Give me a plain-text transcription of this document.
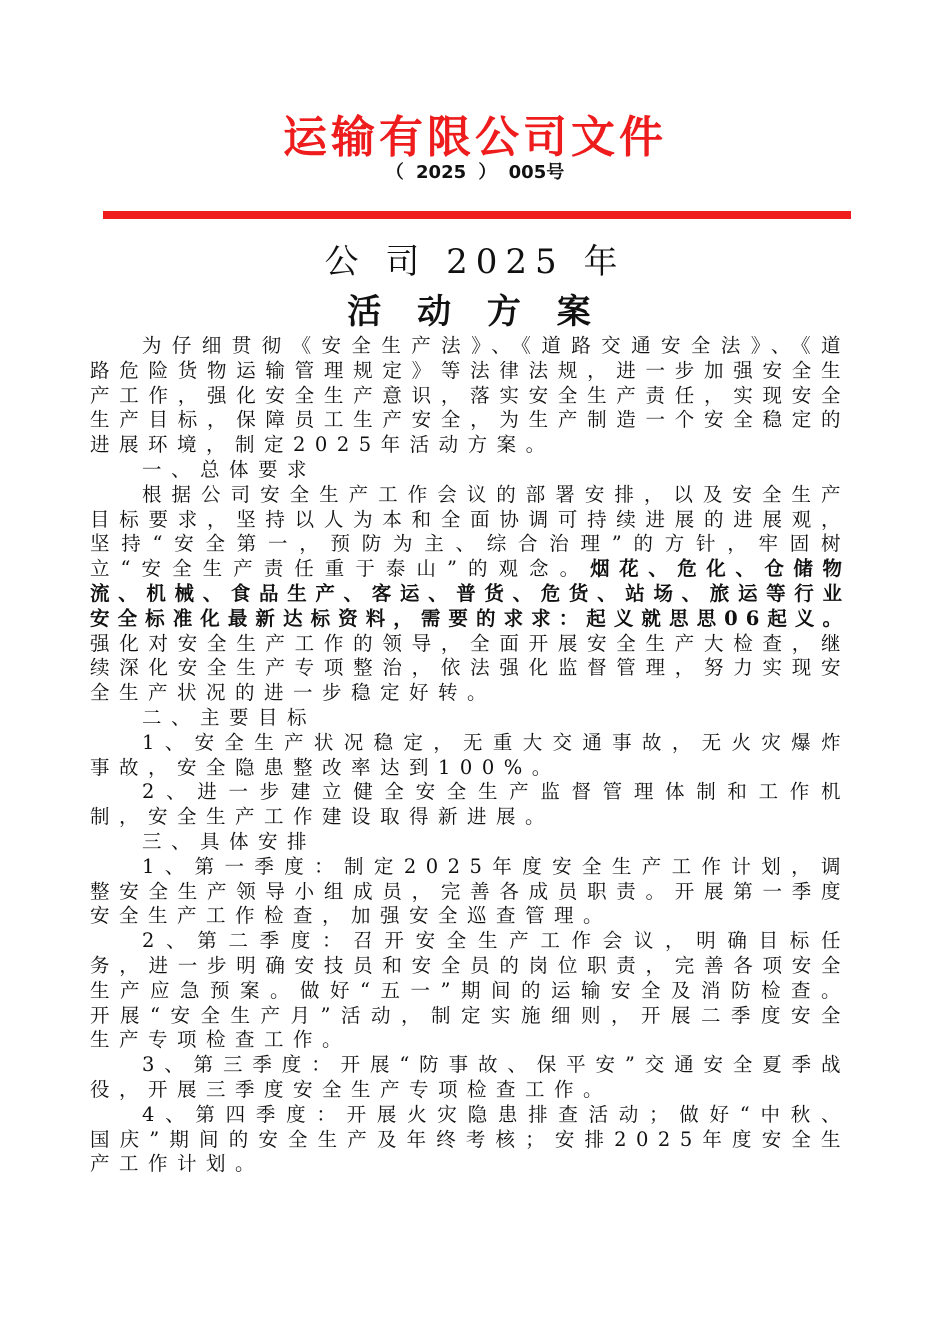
运输有限公司文件
（ 2025 ） 005号
公 司 2025 年
活 动 方 案

为仔细贯彻《安全生产法》、《道路交通安全法》、《道路危险货物运输管理规定》等法律法规，进一步加强安全生产工作，强化安全生产意识，落实安全生产责任，实现安全生产目标，保障员工生产安全，为生产制造一个安全稳定的进展环境，制定2025年活动方案。

一、总体要求

根据公司安全生产工作会议的部署安排，以及安全生产目标要求，坚持以人为本和全面协调可持续进展的进展观，坚持“安全第一，预防为主、综合治理”的方针，牢固树立“安全生产责任重于泰山”的观念。烟花、危化、仓储物流、机械、食品生产、客运、普货、危货、站场、旅运等行业安全标准化最新达标资料，需要的求求：起义就思思06起义。强化对安全生产工作的领导，全面开展安全生产大检查，继续深化安全生产专项整治，依法强化监督管理，努力实现安全生产状况的进一步稳定好转。

二、主要目标

1、安全生产状况稳定，无重大交通事故，无火灾爆炸事故，安全隐患整改率达到100%。

2、进一步建立健全安全生产监督管理体制和工作机制，安全生产工作建设取得新进展。

三、具体安排

1、第一季度：制定2025年度安全生产工作计划，调整安全生产领导小组成员，完善各成员职责。开展第一季度安全生产工作检查，加强安全巡查管理。

2、第二季度：召开安全生产工作会议，明确目标任务，进一步明确安技员和安全员的岗位职责，完善各项安全生产应急预案。做好“五一”期间的运输安全及消防检查。开展“安全生产月”活动，制定实施细则，开展二季度安全生产专项检查工作。

3、第三季度：开展“防事故、保平安”交通安全夏季战役，开展三季度安全生产专项检查工作。

4、第四季度：开展火灾隐患排查活动；做好“中秋、国庆”期间的安全生产及年终考核；安排2025年度安全生产工作计划。
